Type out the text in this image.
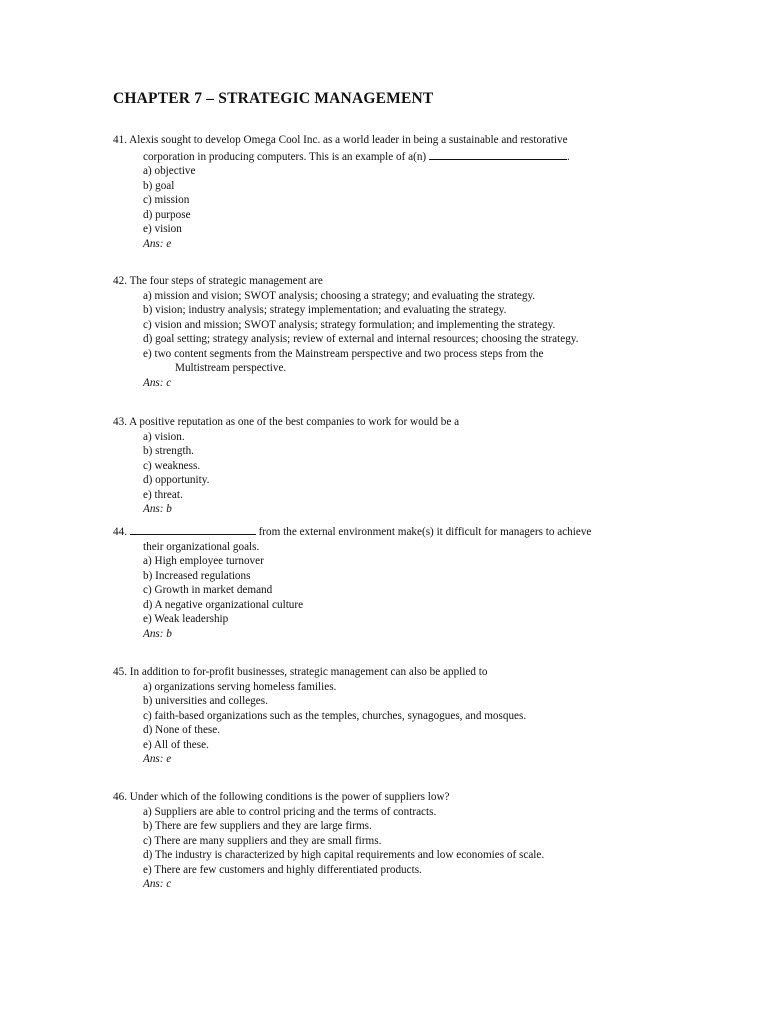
CHAPTER 7 – STRATEGIC MANAGEMENT

41. Alexis sought to develop Omega Cool Inc. as a world leader in being a sustainable and restorative

corporation in producing computers. This is an example of a(n)	.

a) objective

b) goal

c) mission

d) purpose

e) vision

Ans: e

42. The four steps of strategic management are

a) mission and vision; SWOT analysis; choosing a strategy; and evaluating the strategy.

b) vision; industry analysis; strategy implementation; and evaluating the strategy.

c) vision and mission; SWOT analysis; strategy formulation; and implementing the strategy.

d) goal setting; strategy analysis; review of external and internal resources; choosing the strategy.

e) two content segments from the Mainstream perspective and two process steps from the

Multistream perspective.

Ans: c

43. A positive reputation as one of the best companies to work for would be a

a) vision.

b) strength.

c) weakness.

d) opportunity.

e) threat.

Ans: b

44.	from the external environment make(s) it difficult for managers to achieve

their organizational goals.

a) High employee turnover

b) Increased regulations

c) Growth in market demand

d) A negative organizational culture

e) Weak leadership

Ans: b

45. In addition to for-profit businesses, strategic management can also be applied to

a) organizations serving homeless families.

b) universities and colleges.

c) faith-based organizations such as the temples, churches, synagogues, and mosques.

d) None of these.

e) All of these.

Ans: e

46. Under which of the following conditions is the power of suppliers low?

a) Suppliers are able to control pricing and the terms of contracts.

b) There are few suppliers and they are large firms.

c) There are many suppliers and they are small firms.

d) The industry is characterized by high capital requirements and low economies of scale.

e) There are few customers and highly differentiated products.

Ans: c
